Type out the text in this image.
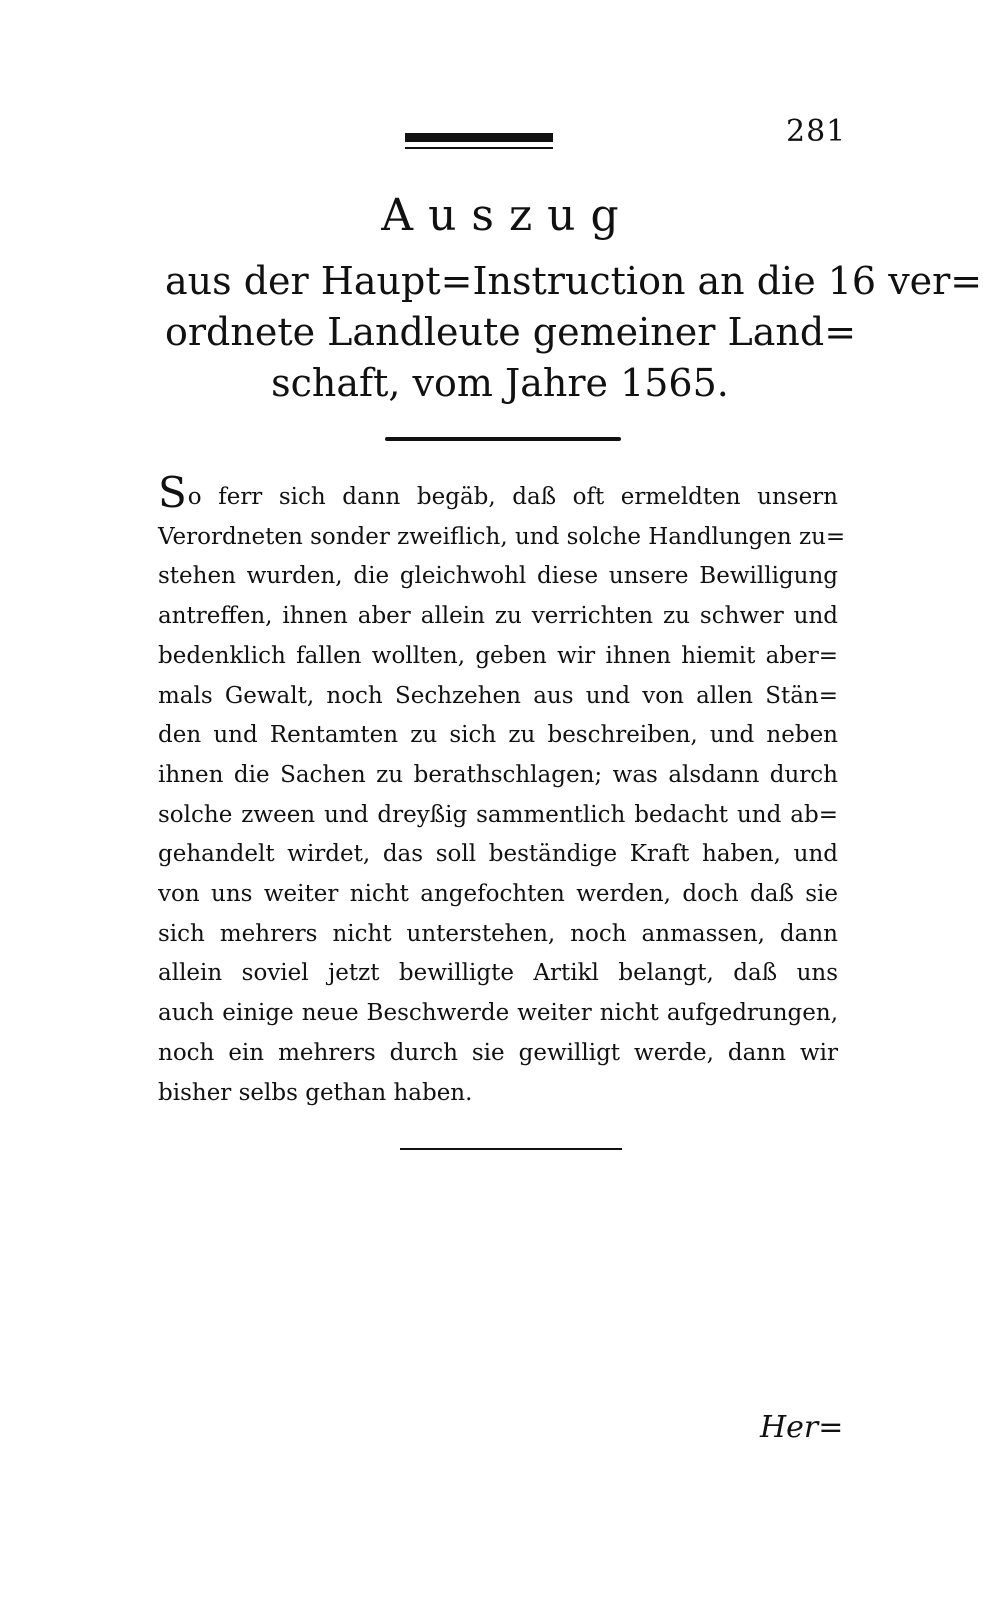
281
Auszug
aus der Haupt=Instruction an die 16 ver=
ordnete Landleute gemeiner Land=
schaft, vom Jahre 1565.
So ferr sich dann begäb, daß oft ermeldten unsern
Verordneten sonder zweiflich, und solche Handlungen zu=
stehen wurden, die gleichwohl diese unsere Bewilligung
antreffen, ihnen aber allein zu verrichten zu schwer und
bedenklich fallen wollten, geben wir ihnen hiemit aber=
mals Gewalt, noch Sechzehen aus und von allen Stän=
den und Rentamten zu sich zu beschreiben, und neben
ihnen die Sachen zu berathschlagen; was alsdann durch
solche zween und dreyßig sammentlich bedacht und ab=
gehandelt wirdet, das soll beständige Kraft haben, und
von uns weiter nicht angefochten werden, doch daß sie
sich mehrers nicht unterstehen, noch anmassen, dann
allein soviel jetzt bewilligte Artikl belangt, daß uns
auch einige neue Beschwerde weiter nicht aufgedrungen,
noch ein mehrers durch sie gewilligt werde, dann wir
bisher selbs gethan haben.
Her=
